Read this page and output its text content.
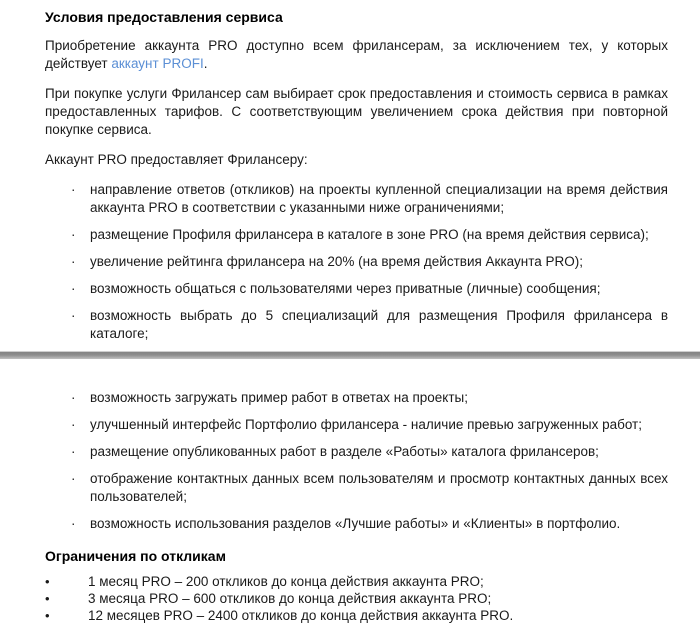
Условия предоставления сервиса

Приобретение аккаунта PRO доступно всем фрилансерам, за исключением тех, у которых действует аккаунт PROFI.

При покупке услуги Фрилансер сам выбирает срок предоставления и стоимость сервиса в рамках предоставленных тарифов. С соответствующим увеличением срока действия при повторной покупке сервиса.

Аккаунт PRO предоставляет Фрилансеру:

· направление ответов (откликов) на проекты купленной специализации на время действия аккаунта PRO в соответствии с указанными ниже ограничениями;
· размещение Профиля фрилансера в каталоге в зоне PRO (на время действия сервиса);
· увеличение рейтинга фрилансера на 20% (на время действия Аккаунта PRO);
· возможность общаться с пользователями через приватные (личные) сообщения;
· возможность выбрать до 5 специализаций для размещения Профиля фрилансера в каталоге;
· возможность загружать пример работ в ответах на проекты;
· улучшенный интерфейс Портфолио фрилансера - наличие превью загруженных работ;
· размещение опубликованных работ в разделе «Работы» каталога фрилансеров;
· отображение контактных данных всем пользователям и просмотр контактных данных всех пользователей;
· возможность использования разделов «Лучшие работы» и «Клиенты» в портфолио.
Ограничения по откликам
•	1 месяц PRO – 200 откликов до конца действия аккаунта PRO;
•	3 месяца PRO – 600 откликов до конца действия аккаунта PRO;
•	12 месяцев PRO – 2400 откликов до конца действия аккаунта PRO.
